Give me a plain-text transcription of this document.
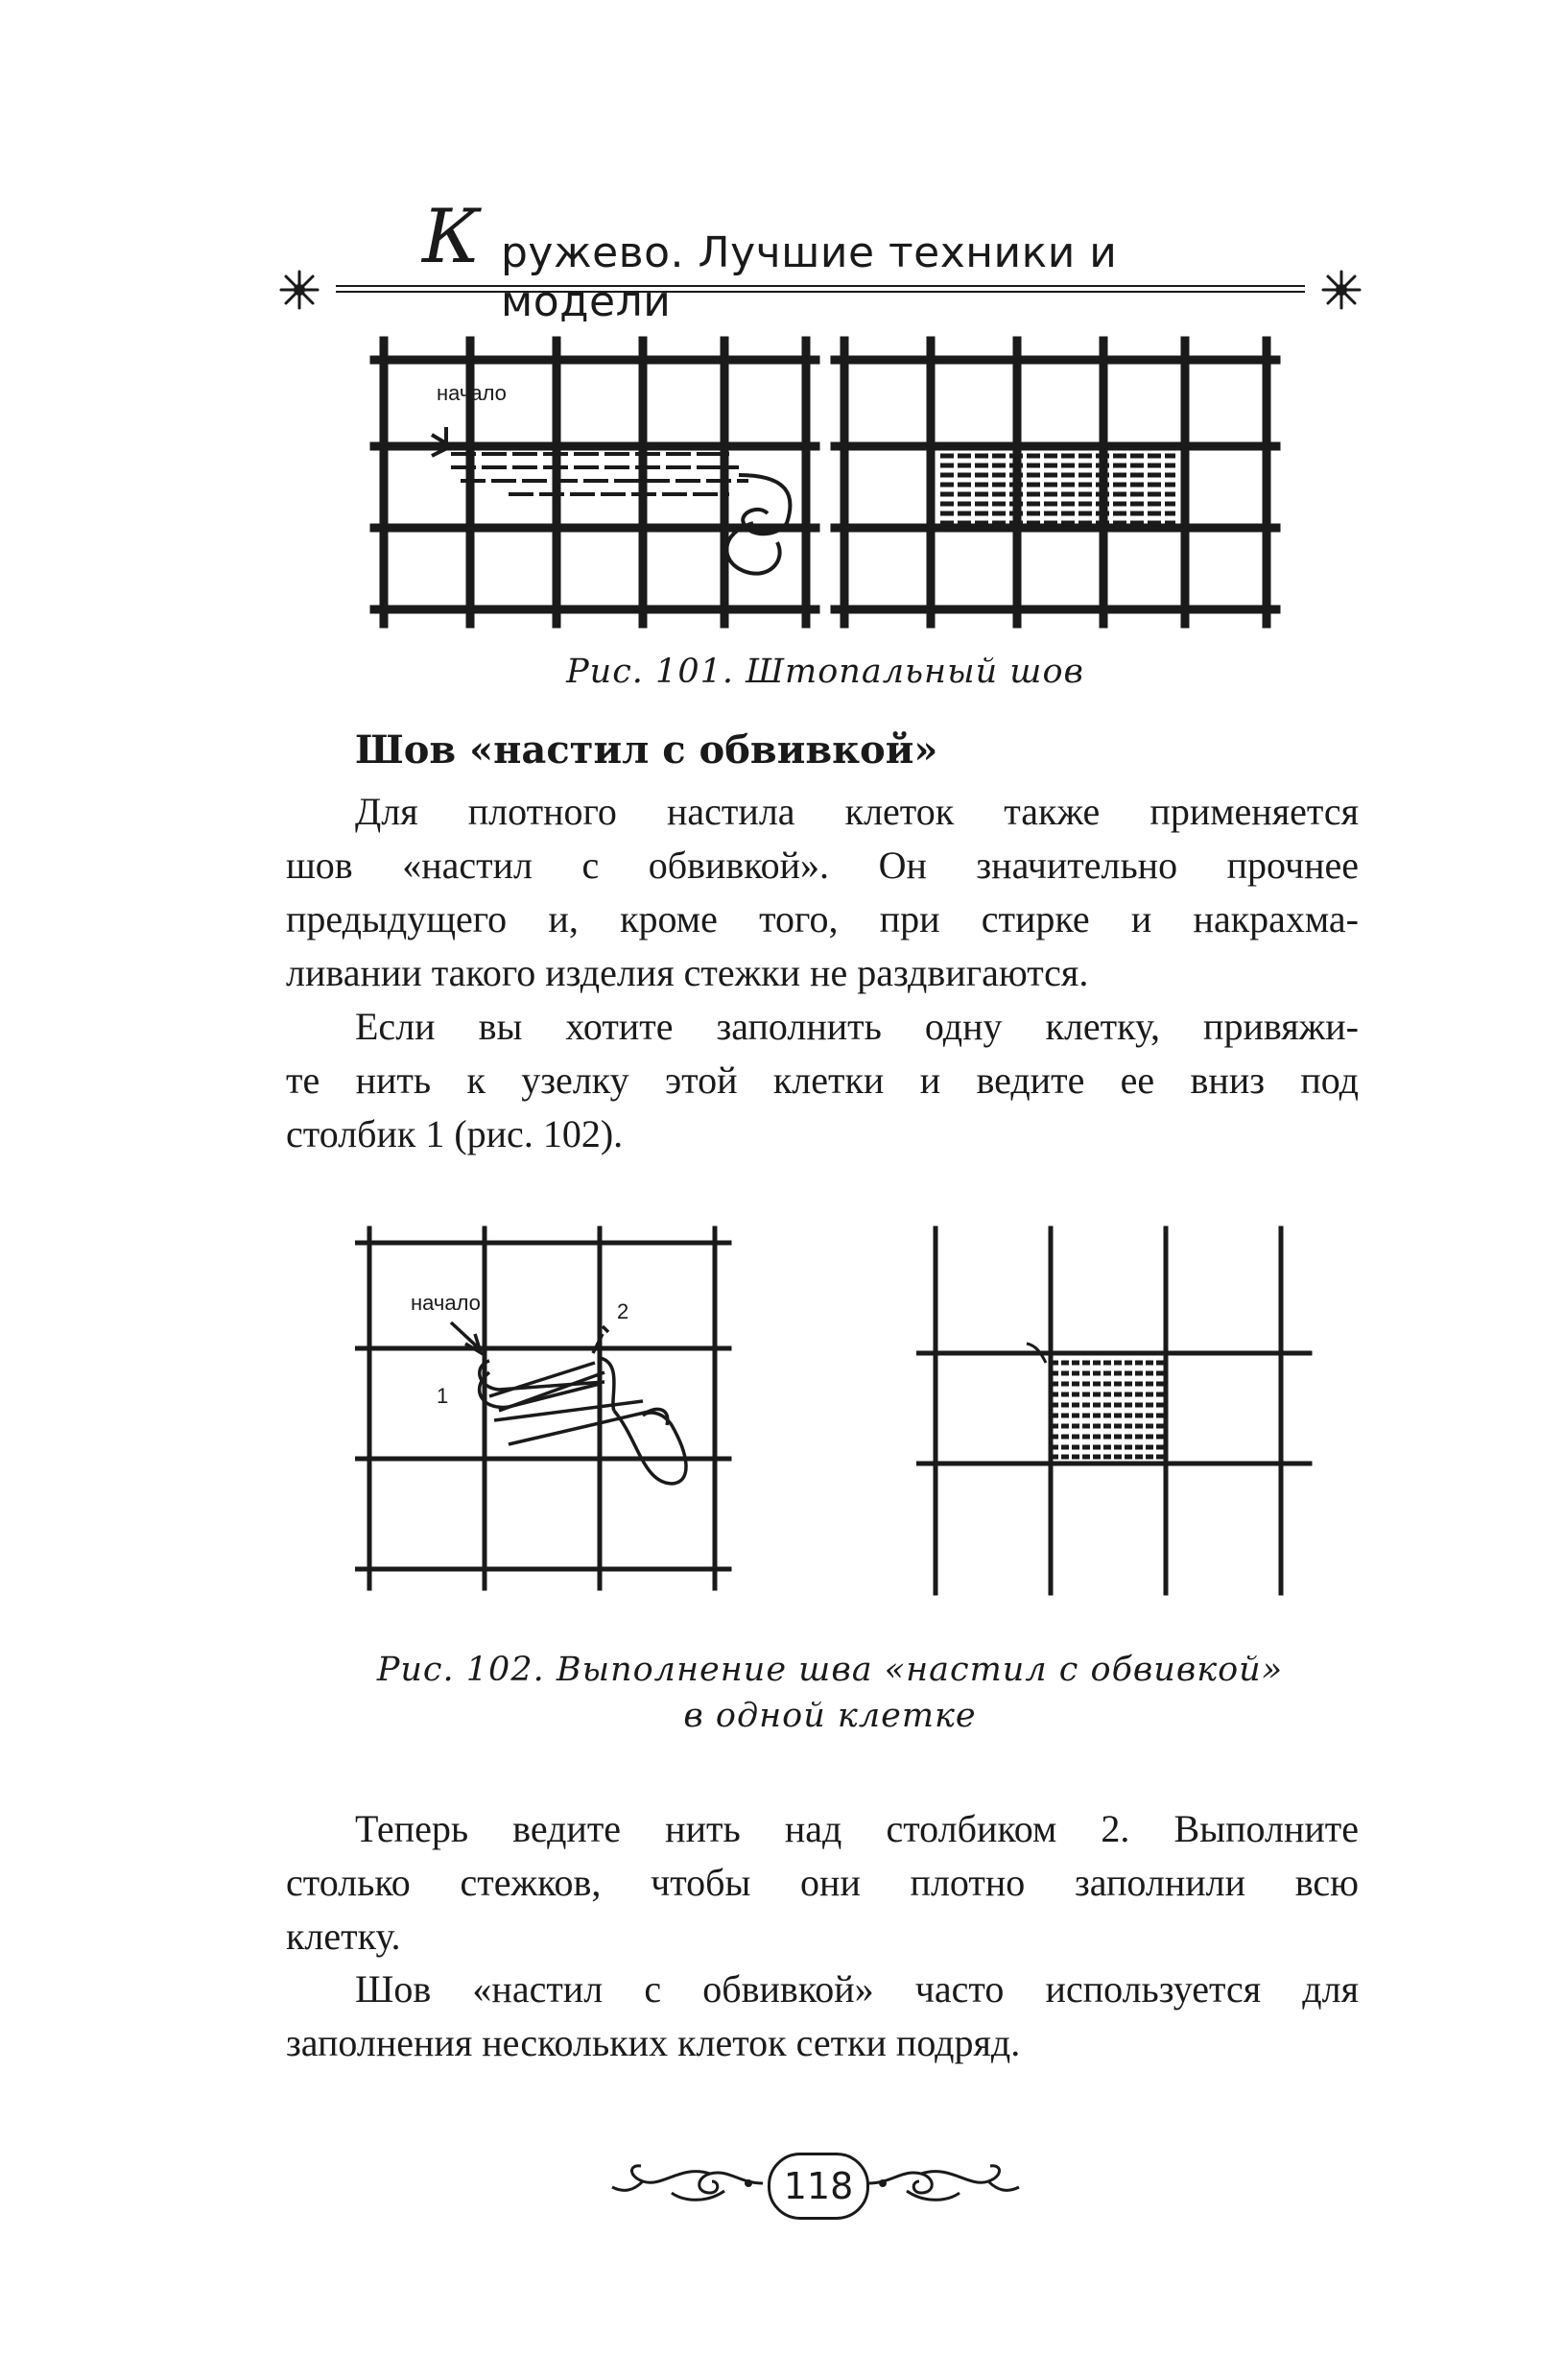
К ружево. Лучшие техники и модели
начало
Рис. 101. Штопальный шов
Шов «настил с обвивкой»
Для плотного настила клеток также применяется
шов «настил с обвивкой». Он значительно прочнее
предыдущего и, кроме того, при стирке и накрахма-
ливании такого изделия стежки не раздвигаются.
Если вы хотите заполнить одну клетку, привяжи-
те нить к узелку этой клетки и ведите ее вниз под
столбик 1 (рис. 102).
начало
1
2
Рис. 102. Выполнение шва «настил с обвивкой»
в одной клетке
Теперь ведите нить над столбиком 2. Выполните
столько стежков, чтобы они плотно заполнили всю
клетку.
Шов «настил с обвивкой» часто используется для
заполнения нескольких клеток сетки подряд.
118
